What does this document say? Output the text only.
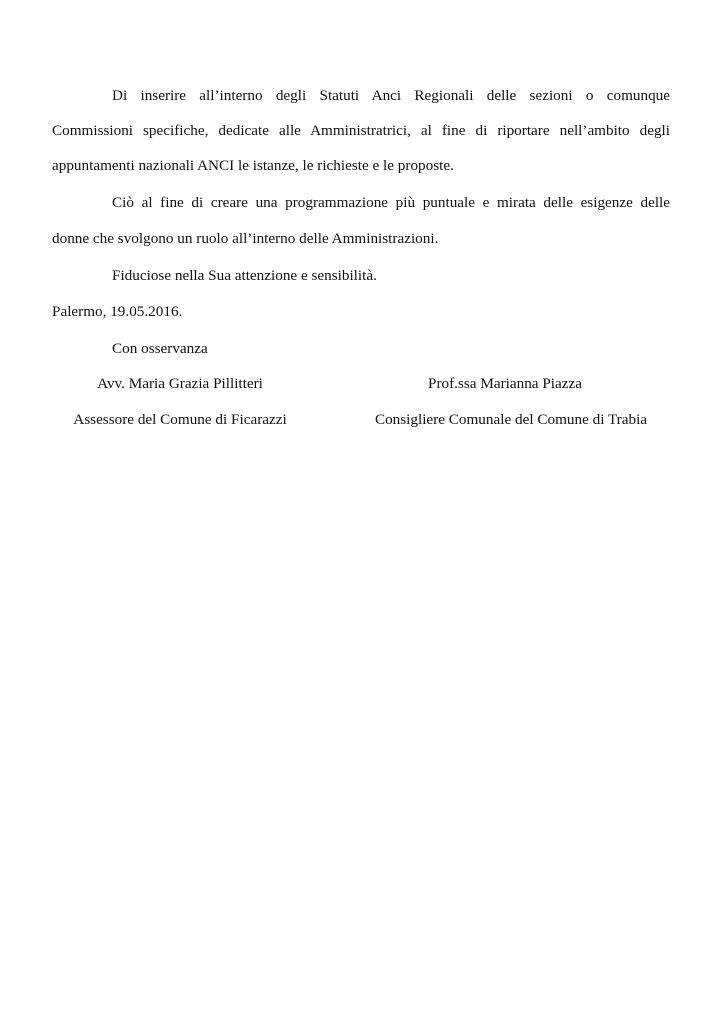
Di inserire all’interno degli Statuti Anci Regionali delle sezioni o comunque
Commissioni specifiche, dedicate alle Amministratrici, al fine di riportare nell’ambito degli
appuntamenti nazionali ANCI le istanze, le richieste e le proposte.
Ciò al fine di creare una programmazione più puntuale e mirata delle esigenze delle
donne che svolgono un ruolo all’interno delle Amministrazioni.
Fiduciose nella Sua attenzione e sensibilità.
Palermo, 19.05.2016.
Con osservanza
Avv. Maria Grazia Pillitteri
Assessore del Comune di Ficarazzi
Prof.ssa Marianna Piazza
Consigliere Comunale del Comune di Trabia
